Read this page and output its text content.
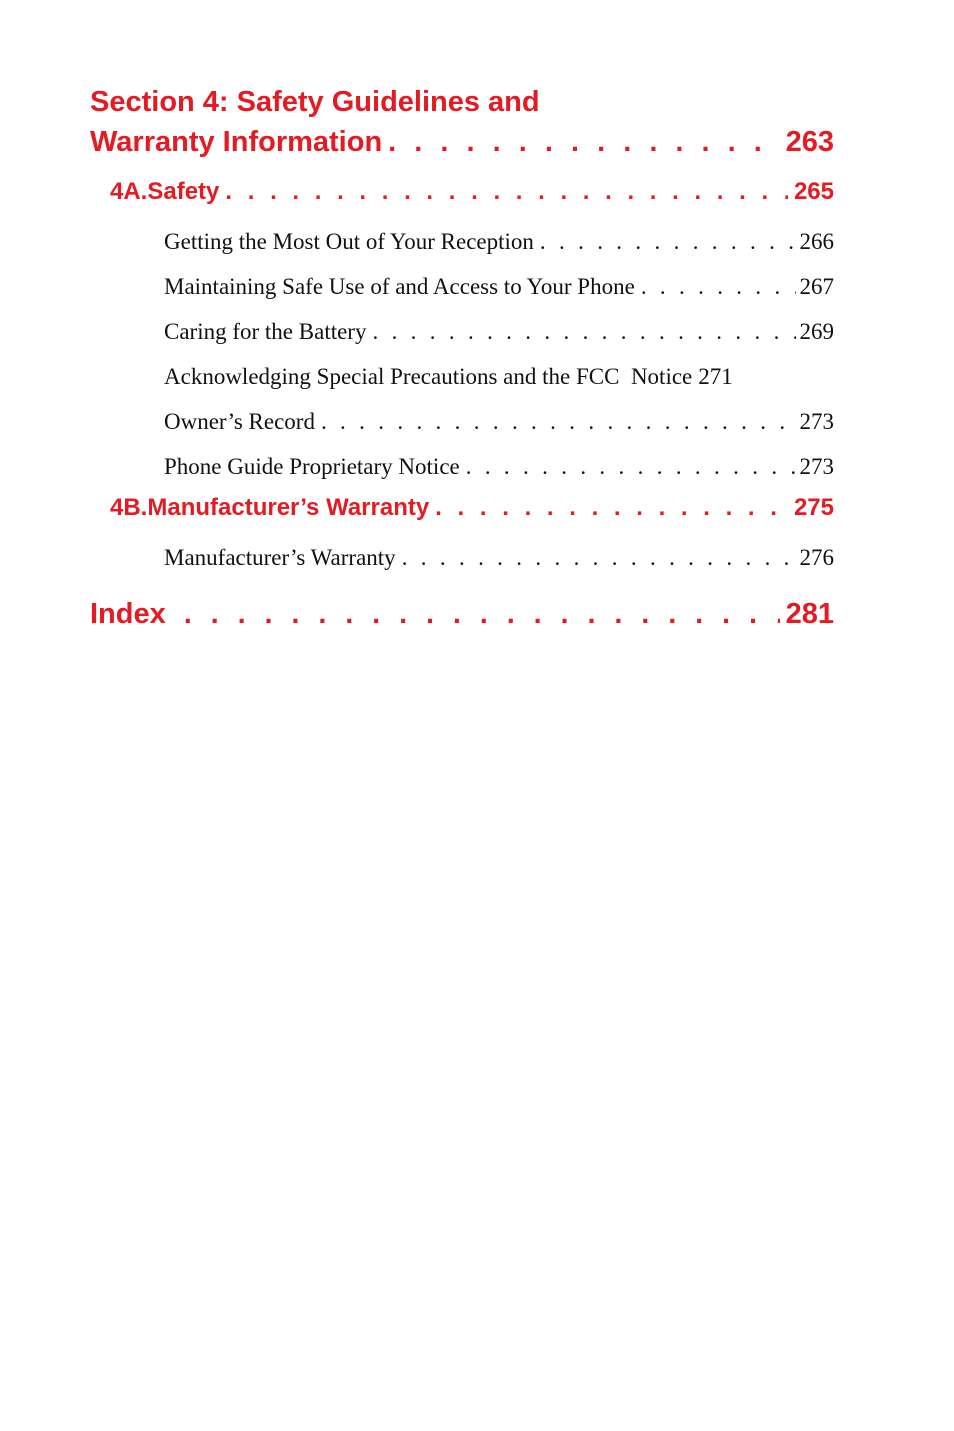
Section 4: Safety Guidelines and
Warranty Information . . .	263
4A. Safety . . .	265
Getting the Most Out of Your Reception . . .	266
Maintaining Safe Use of and Access to Your Phone . . .	267
Caring for the Battery . . .	269
Acknowledging Special Precautions and the FCC  Notice 271
Owner’s Record . . .	273
Phone Guide Proprietary Notice . . .	273
4B. Manufacturer’s Warranty . . .	275
Manufacturer’s Warranty . . .	276
Index . . .	281
